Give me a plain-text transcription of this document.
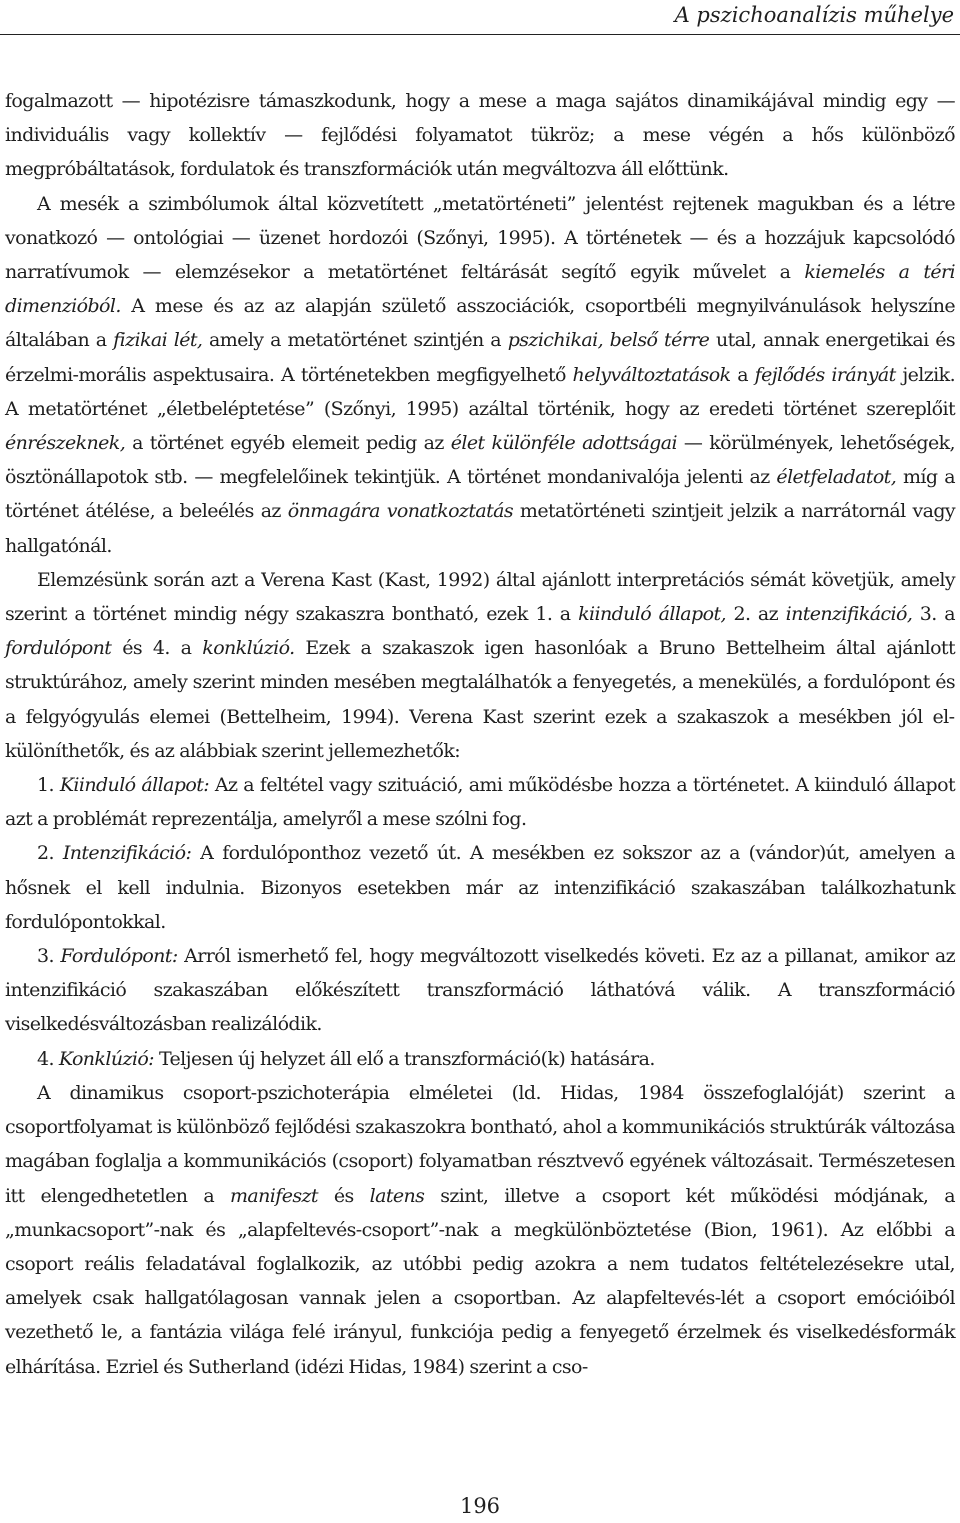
A pszichoanalízis műhelye

fogalmazott — hipotézisre támaszkodunk, hogy a mese a maga sajátos dinamikájával mindig egy — individuális vagy kollektív — fejlődési folyamatot tükröz; a mese végén a hős különböző megpróbáltatások, fordulatok és transzformációk után megváltozva áll előttünk.

A mesék a szimbólumok által közvetített „metatörténeti” jelentést rejtenek magukban és a létre vonatkozó — ontológiai — üzenet hordozói (Szőnyi, 1995). A történetek — és a hozzájuk kapcsolódó narratívumok — elemzésekor a metatörténet feltárását segítő egyik művelet a kiemelés a téri dimenzióból. A mese és az az alapján születő asszociációk, csoportbéli megnyilvánulások helyszíne általában a fizikai lét, amely a metatörténet szintjén a pszichikai, belső térre utal, annak energetikai és érzelmi-morális aspektusaira. A történetekben megfigyelhető helyváltoztatások a fejlődés irányát jelzik. A metatörténet „életbeléptetése” (Szőnyi, 1995) azáltal történik, hogy az eredeti történet szereplőit énrészeknek, a történet egyéb elemeit pedig az élet különféle adottságai — körülmények, lehetőségek, ösztönállapotok stb. — megfelelőinek tekintjük. A történet mondanivalója jelenti az életfeladatot, míg a történet átélése, a beleélés az önmagára vonatkoztatás metatörténeti szintjeit jelzik a narrátornál vagy hallgatónál.

Elemzésünk során azt a Verena Kast (Kast, 1992) által ajánlott interpretációs sémát követjük, amely szerint a történet mindig négy szakaszra bontható, ezek 1. a kiinduló állapot, 2. az intenzifikáció, 3. a fordulópont és 4. a konklúzió. Ezek a szakaszok igen hasonlóak a Bruno Bettelheim által ajánlott struktúrához, amely szerint minden mesében megtalálhatók a fenyegetés, a menekülés, a fordulópont és a felgyógyulás elemei (Bettelheim, 1994). Verena Kast szerint ezek a szakaszok a mesékben jól elkülöníthetők, és az alábbiak szerint jellemezhetők:

1. Kiinduló állapot: Az a feltétel vagy szituáció, ami működésbe hozza a történetet. A kiinduló állapot azt a problémát reprezentálja, amelyről a mese szólni fog.

2. Intenzifikáció: A fordulóponthoz vezető út. A mesékben ez sokszor az a (vándor)út, amelyen a hősnek el kell indulnia. Bizonyos esetekben már az intenzifikáció szakaszában találkozhatunk fordulópontokkal.

3. Fordulópont: Arról ismerhető fel, hogy megváltozott viselkedés követi. Ez az a pillanat, amikor az intenzifikáció szakaszában előkészített transzformáció láthatóvá válik. A transzformáció viselkedésváltozásban realizálódik.

4. Konklúzió: Teljesen új helyzet áll elő a transzformáció(k) hatására.

A dinamikus csoport-pszichoterápia elméletei (ld. Hidas, 1984 összefoglalóját) szerint a csoportfolyamat is különböző fejlődési szakaszokra bontható, ahol a kommunikációs struktúrák változása magában foglalja a kommunikációs (csoport) folyamatban résztvevő egyének változásait. Természetesen itt elengedhetetlen a manifeszt és latens szint, illetve a csoport két működési módjának, a „munkacsoport”-nak és „alapfeltevés-csoport”-nak a megkülönböztetése (Bion, 1961). Az előbbi a csoport reális feladatával foglalkozik, az utóbbi pedig azokra a nem tudatos feltételezésekre utal, amelyek csak hallgatólagosan vannak jelen a csoportban. Az alapfeltevés-lét a csoport emócióiból vezethető le, a fantázia világa felé irányul, funkciója pedig a fenyegető érzelmek és viselkedésformák elhárítása. Ezriel és Sutherland (idézi Hidas, 1984) szerint a cso-

196
